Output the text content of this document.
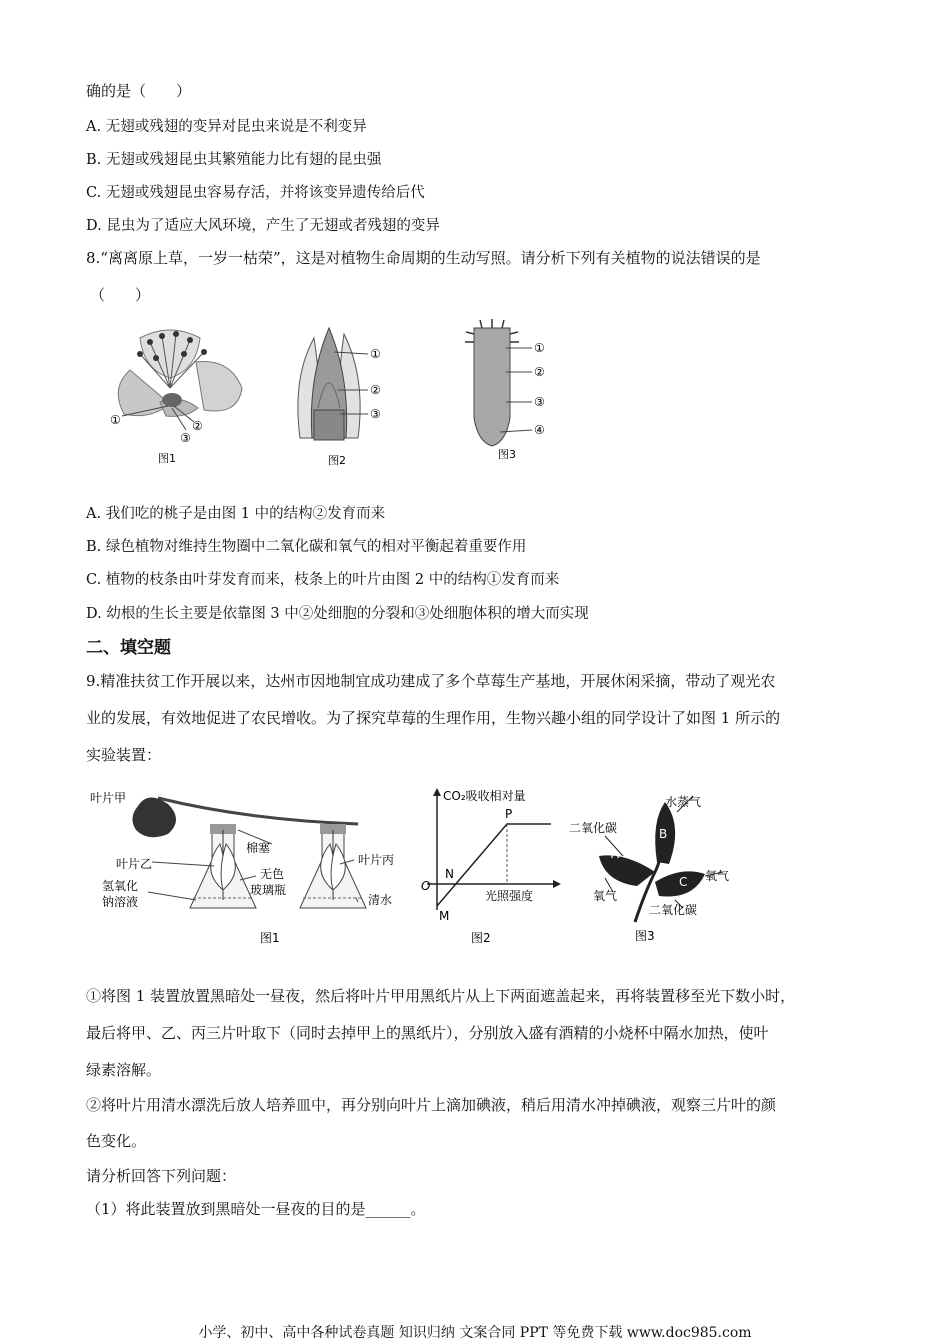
确的是（　　）
A. 无翅或残翅的变异对昆虫来说是不利变异
B. 无翅或残翅昆虫其繁殖能力比有翅的昆虫强
C. 无翅或残翅昆虫容易存活，并将该变异遗传给后代
D. 昆虫为了适应大风环境，产生了无翅或者残翅的变异
8.“离离原上草，一岁一枯荣”，这是对植物生命周期的生动写照。请分析下列有关植物的说法错误的是
（　　）
①	②
③
图1
①
②
③
图2
①
②
③
④
图3
A. 我们吃的桃子是由图 1 中的结构②发育而来
B. 绿色植物对维持生物圈中二氧化碳和氧气的相对平衡起着重要作用
C. 植物的枝条由叶芽发育而来，枝条上的叶片由图 2 中的结构①发育而来
D. 幼根的生长主要是依靠图 3 中②处细胞的分裂和③处细胞体积的增大而实现
二、填空题
9.精准扶贫工作开展以来，达州市因地制宜成功建成了多个草莓生产基地，开展休闲采摘，带动了观光农
业的发展，有效地促进了农民增收。为了探究草莓的生理作用，生物兴趣小组的同学设计了如图 1 所示的
实验装置：
叶片甲
棉塞
叶片乙	叶片丙
无色
玻璃瓶
氢氧化
钠溶液	清水
图1
CO₂吸收相对量
光照强度
O
P
N
M
图2
二氧化碳
水蒸气
氧气
氧气
二氧化碳
A
B
C
图3
①将图 1 装置放置黑暗处一昼夜，然后将叶片甲用黑纸片从上下两面遮盖起来，再将装置移至光下数小时，
最后将甲、乙、丙三片叶取下（同时去掉甲上的黑纸片），分别放入盛有酒精的小烧杯中隔水加热，使叶
绿素溶解。
②将叶片用清水漂洗后放人培养皿中，再分别向叶片上滴加碘液，稍后用清水冲掉碘液，观察三片叶的颜
色变化。
请分析回答下列问题：
（1）将此装置放到黑暗处一昼夜的目的是______。
小学、初中、高中各种试卷真题 知识归纳 文案合同 PPT 等免费下载 www.doc985.com
